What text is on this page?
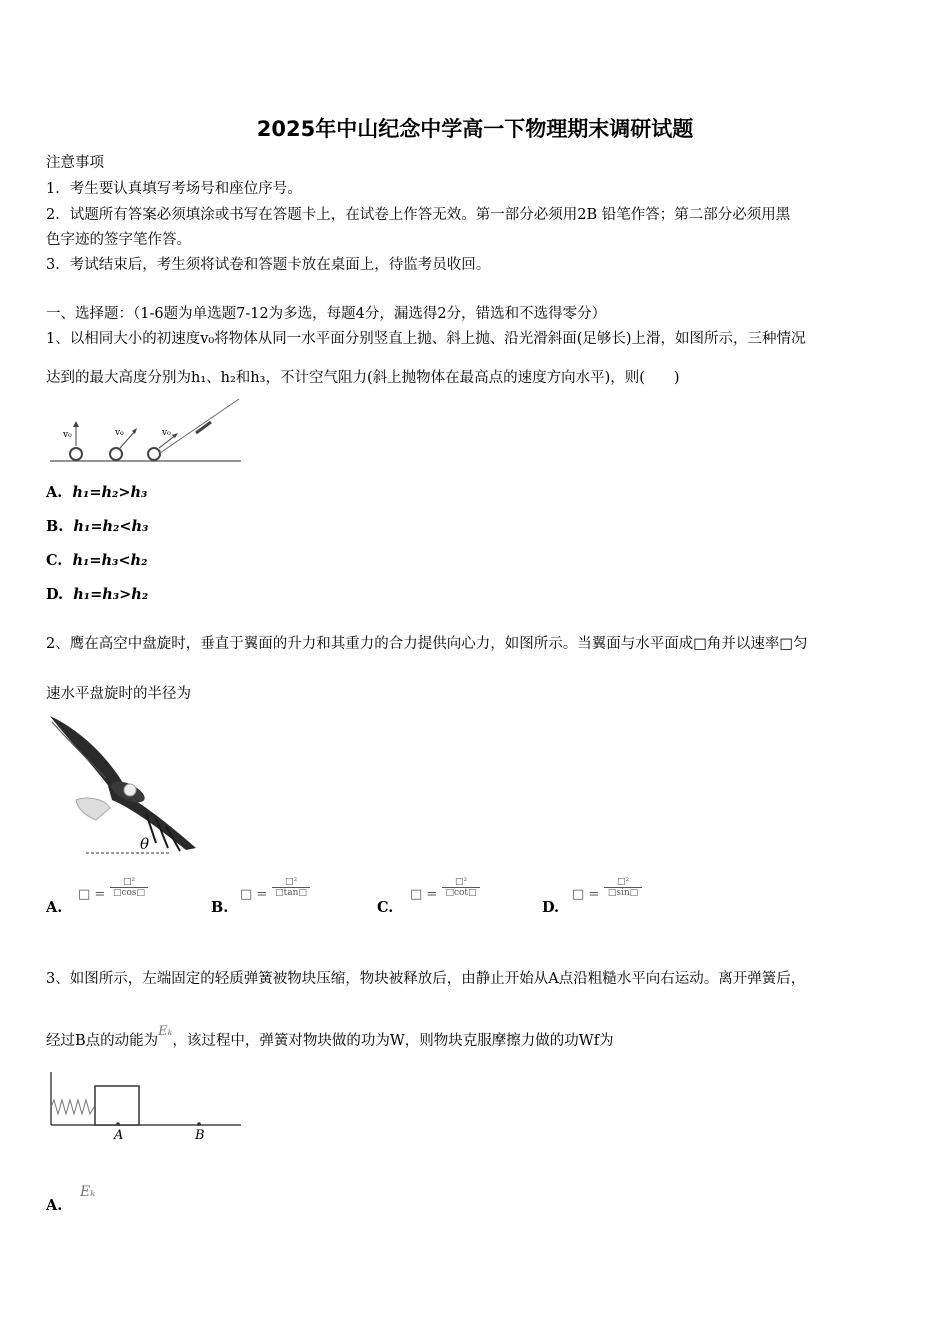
2025年中山纪念中学高一下物理期末调研试题
注意事项
1．考生要认真填写考场号和座位序号。
2．试题所有答案必须填涂或书写在答题卡上，在试卷上作答无效。第一部分必须用2B 铅笔作答；第二部分必须用黑
色字迹的签字笔作答。
3．考试结束后，考生须将试卷和答题卡放在桌面上，待监考员收回。
一、选择题：（1-6题为单选题7-12为多选，每题4分，漏选得2分，错选和不选得零分）
1、以相同大小的初速度v₀将物体从同一水平面分别竖直上抛、斜上抛、沿光滑斜面(足够长)上滑，如图所示，三种情况
达到的最大高度分别为h₁、h₂和h₃，不计空气阻力(斜上抛物体在最高点的速度方向水平)，则(　　)
v₀	v₀	v₀
A. h₁=h₂>h₃
B. h₁=h₂<h₃
C. h₁=h₃<h₂
D. h₁=h₃>h₂
2、鹰在高空中盘旋时，垂直于翼面的升力和其重力的合力提供向心力，如图所示。当翼面与水平面成□角并以速率□匀
速水平盘旋时的半径为
θ
A.
□ =
□²
□cos□
B.
□ =
□²
□tan□
C.
□ =
□²
□cot□
D.
□ =
□²
□sin□
3、如图所示，左端固定的轻质弹簧被物块压缩，物块被释放后，由静止开始从A点沿粗糙水平向右运动。离开弹簧后，
经过B点的动能为Eₖ，该过程中，弹簧对物块做的功为W，则物块克服摩擦力做的功Wf为
A	B
A.
Eₖ
